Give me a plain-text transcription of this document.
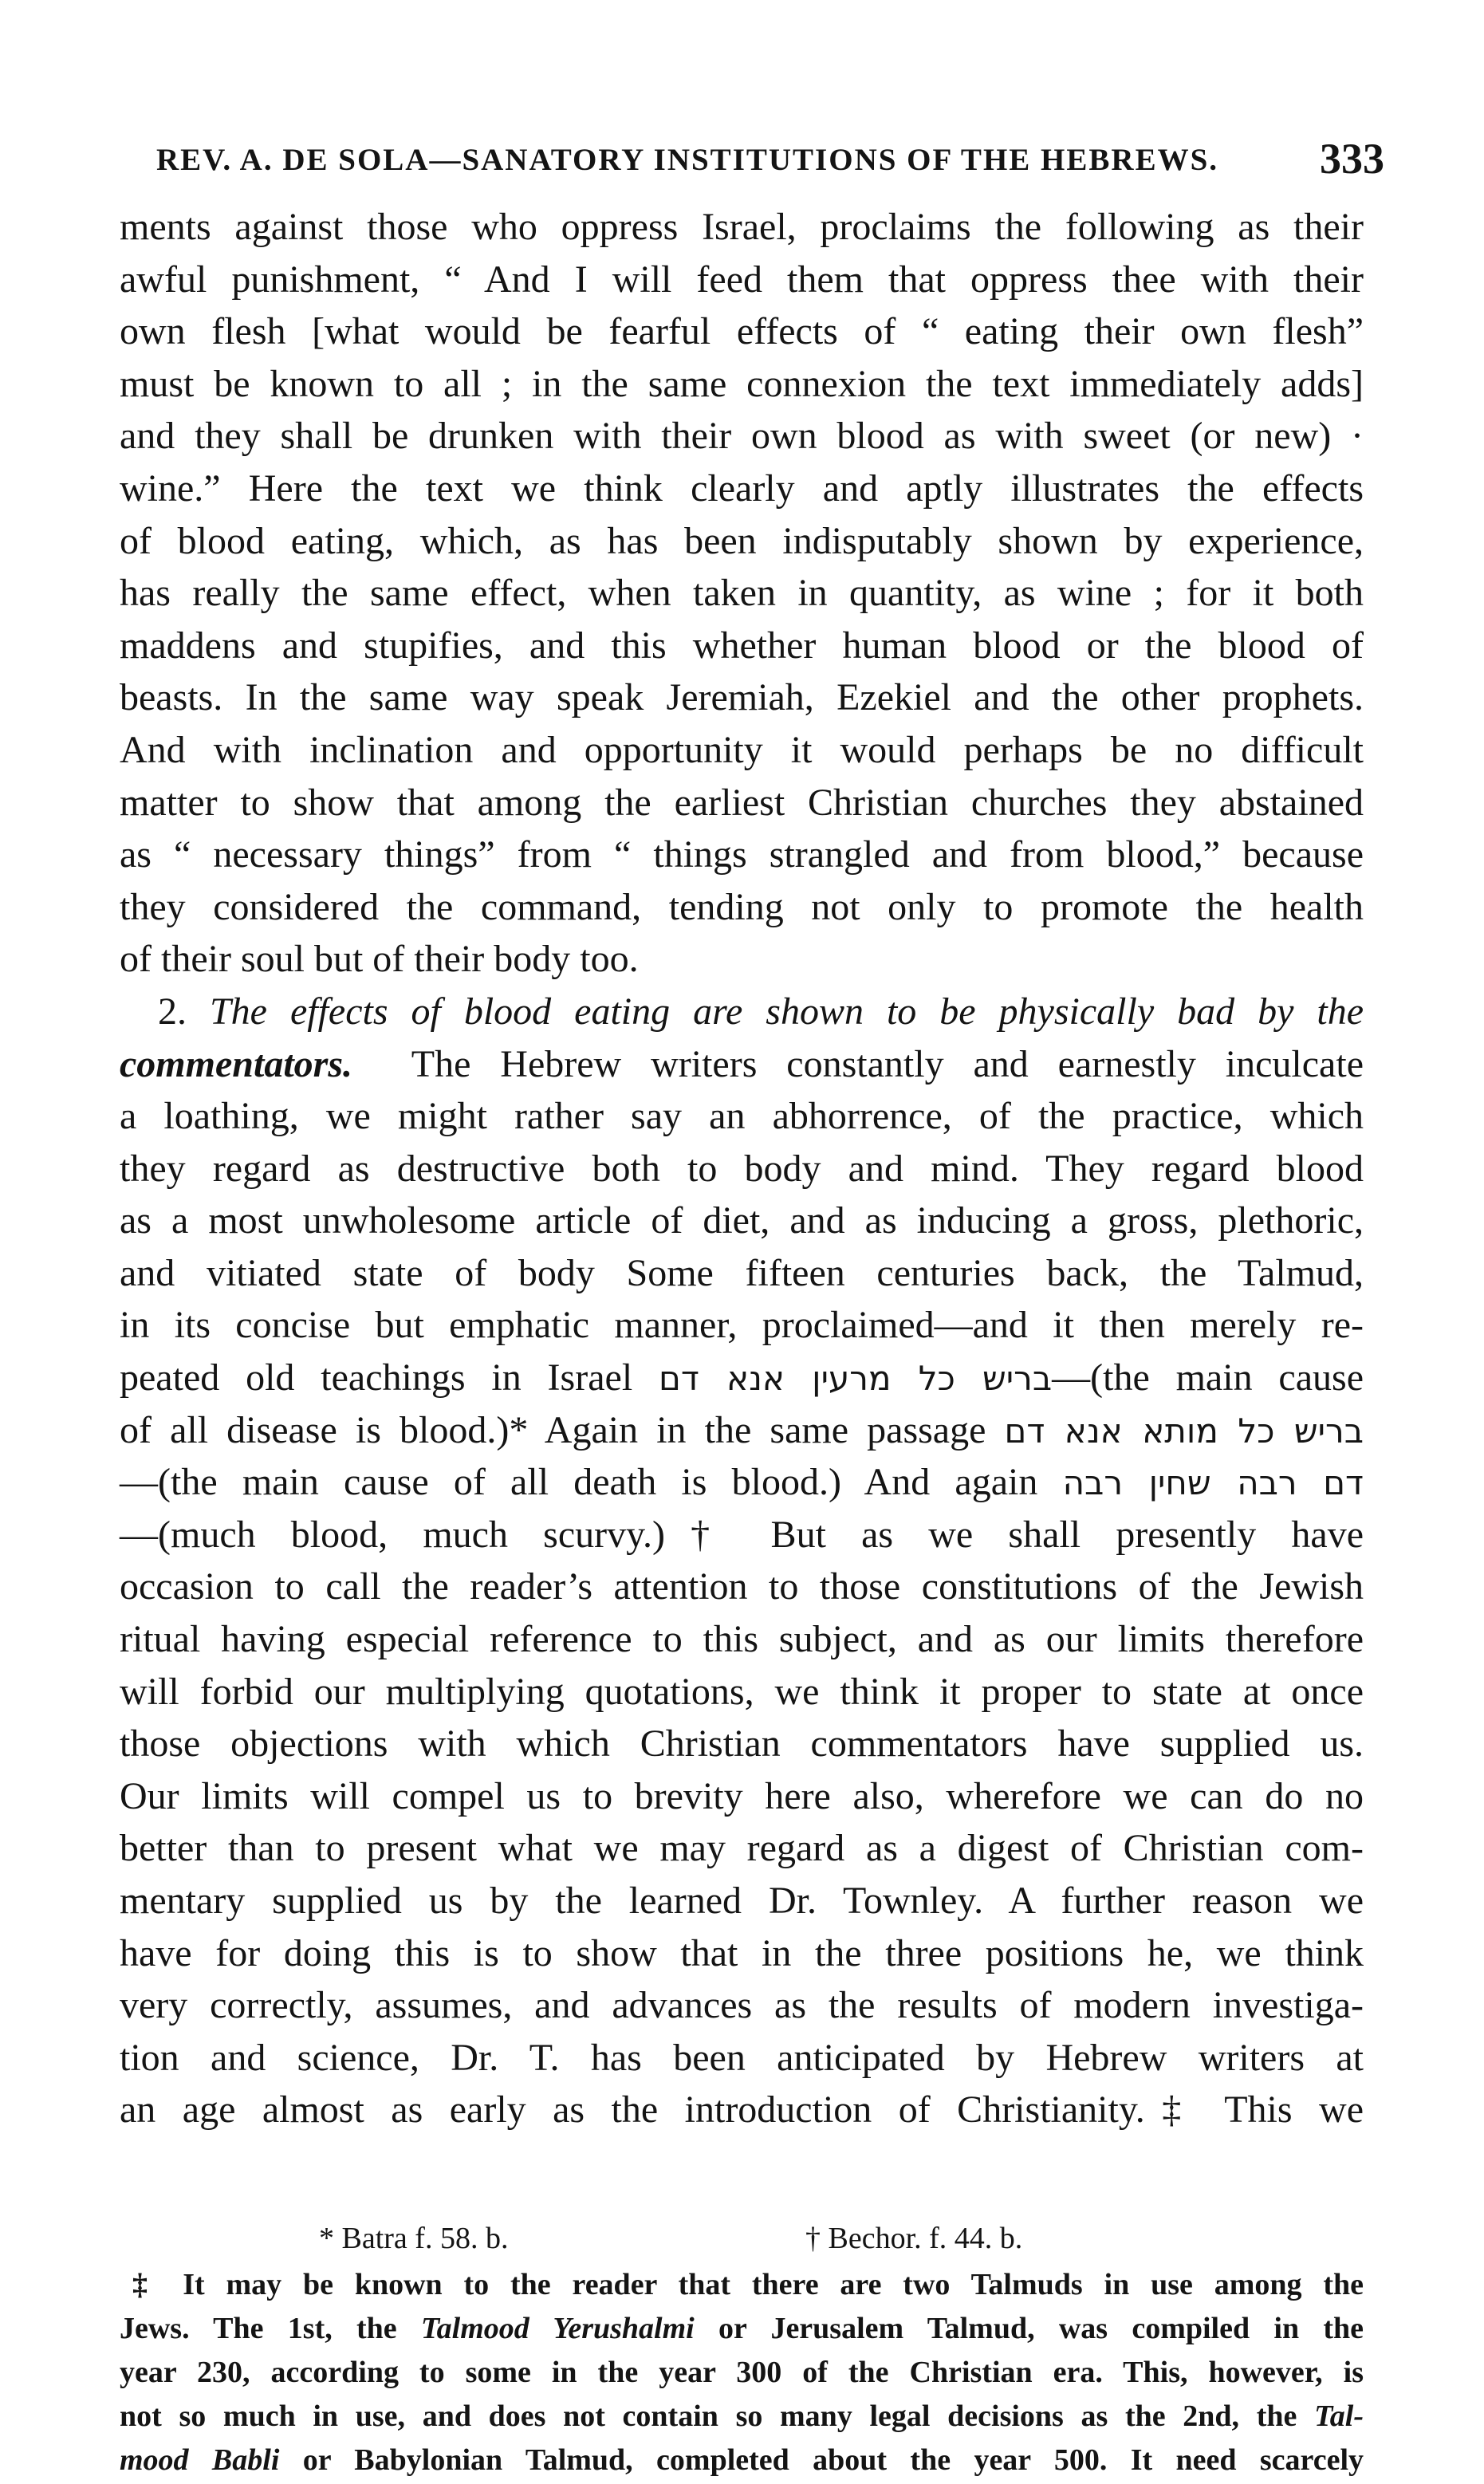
REV. A. DE SOLA—SANATORY INSTITUTIONS OF THE HEBREWS. 333
ments against those who oppress Israel, proclaims the following as their
awful punishment, “ And I will feed them that oppress thee with their
own flesh [what would be fearful effects of “ eating their own flesh”
must be known to all ; in the same connexion the text immediately adds]
and they shall be drunken with their own blood as with sweet (or new) ·
wine.” Here the text we think clearly and aptly illustrates the effects
of blood eating, which, as has been indisputably shown by experience,
has really the same effect, when taken in quantity, as wine ; for it both
maddens and stupifies, and this whether human blood or the blood of
beasts. In the same way speak Jeremiah, Ezekiel and the other prophets.
And with inclination and opportunity it would perhaps be no difficult
matter to show that among the earliest Christian churches they abstained
as “ necessary things” from “ things strangled and from blood,” because
they considered the command, tending not only to promote the health
of their soul but of their body too.
2. The effects of blood eating are shown to be physically bad by the
commentators. The Hebrew writers constantly and earnestly inculcate
a loathing, we might rather say an abhorrence, of the practice, which
they regard as destructive both to body and mind. They regard blood
as a most unwholesome article of diet, and as inducing a gross, plethoric,
and vitiated state of body Some fifteen centuries back, the Talmud,
in its concise but emphatic manner, proclaimed—and it then merely re-
peated old teachings in Israel בריש כל מרעין אנא דם—(the main cause
of all disease is blood.)* Again in the same passage בריש כל מותא אנא דם
—(the main cause of all death is blood.) And again דם רבה שחין רבה
—(much blood, much scurvy.)† But as we shall presently have
occasion to call the reader’s attention to those constitutions of the Jewish
ritual having especial reference to this subject, and as our limits therefore
will forbid our multiplying quotations, we think it proper to state at once
those objections with which Christian commentators have supplied us.
Our limits will compel us to brevity here also, wherefore we can do no
better than to present what we may regard as a digest of Christian com-
mentary supplied us by the learned Dr. Townley. A further reason we
have for doing this is to show that in the three positions he, we think
very correctly, assumes, and advances as the results of modern investiga-
tion and science, Dr. T. has been anticipated by Hebrew writers at
an age almost as early as the introduction of Christianity.‡ This we
* Batra f. 58. b.	† Bechor. f. 44. b.
‡ It may be known to the reader that there are two Talmuds in use among the
Jews. The 1st, the Talmood Yerushalmi or Jerusalem Talmud, was compiled in the
year 230, according to some in the year 300 of the Christian era. This, however, is
not so much in use, and does not contain so many legal decisions as the 2nd, the Tal-
mood Babli or Babylonian Talmud, completed about the year 500. It need scarcely
